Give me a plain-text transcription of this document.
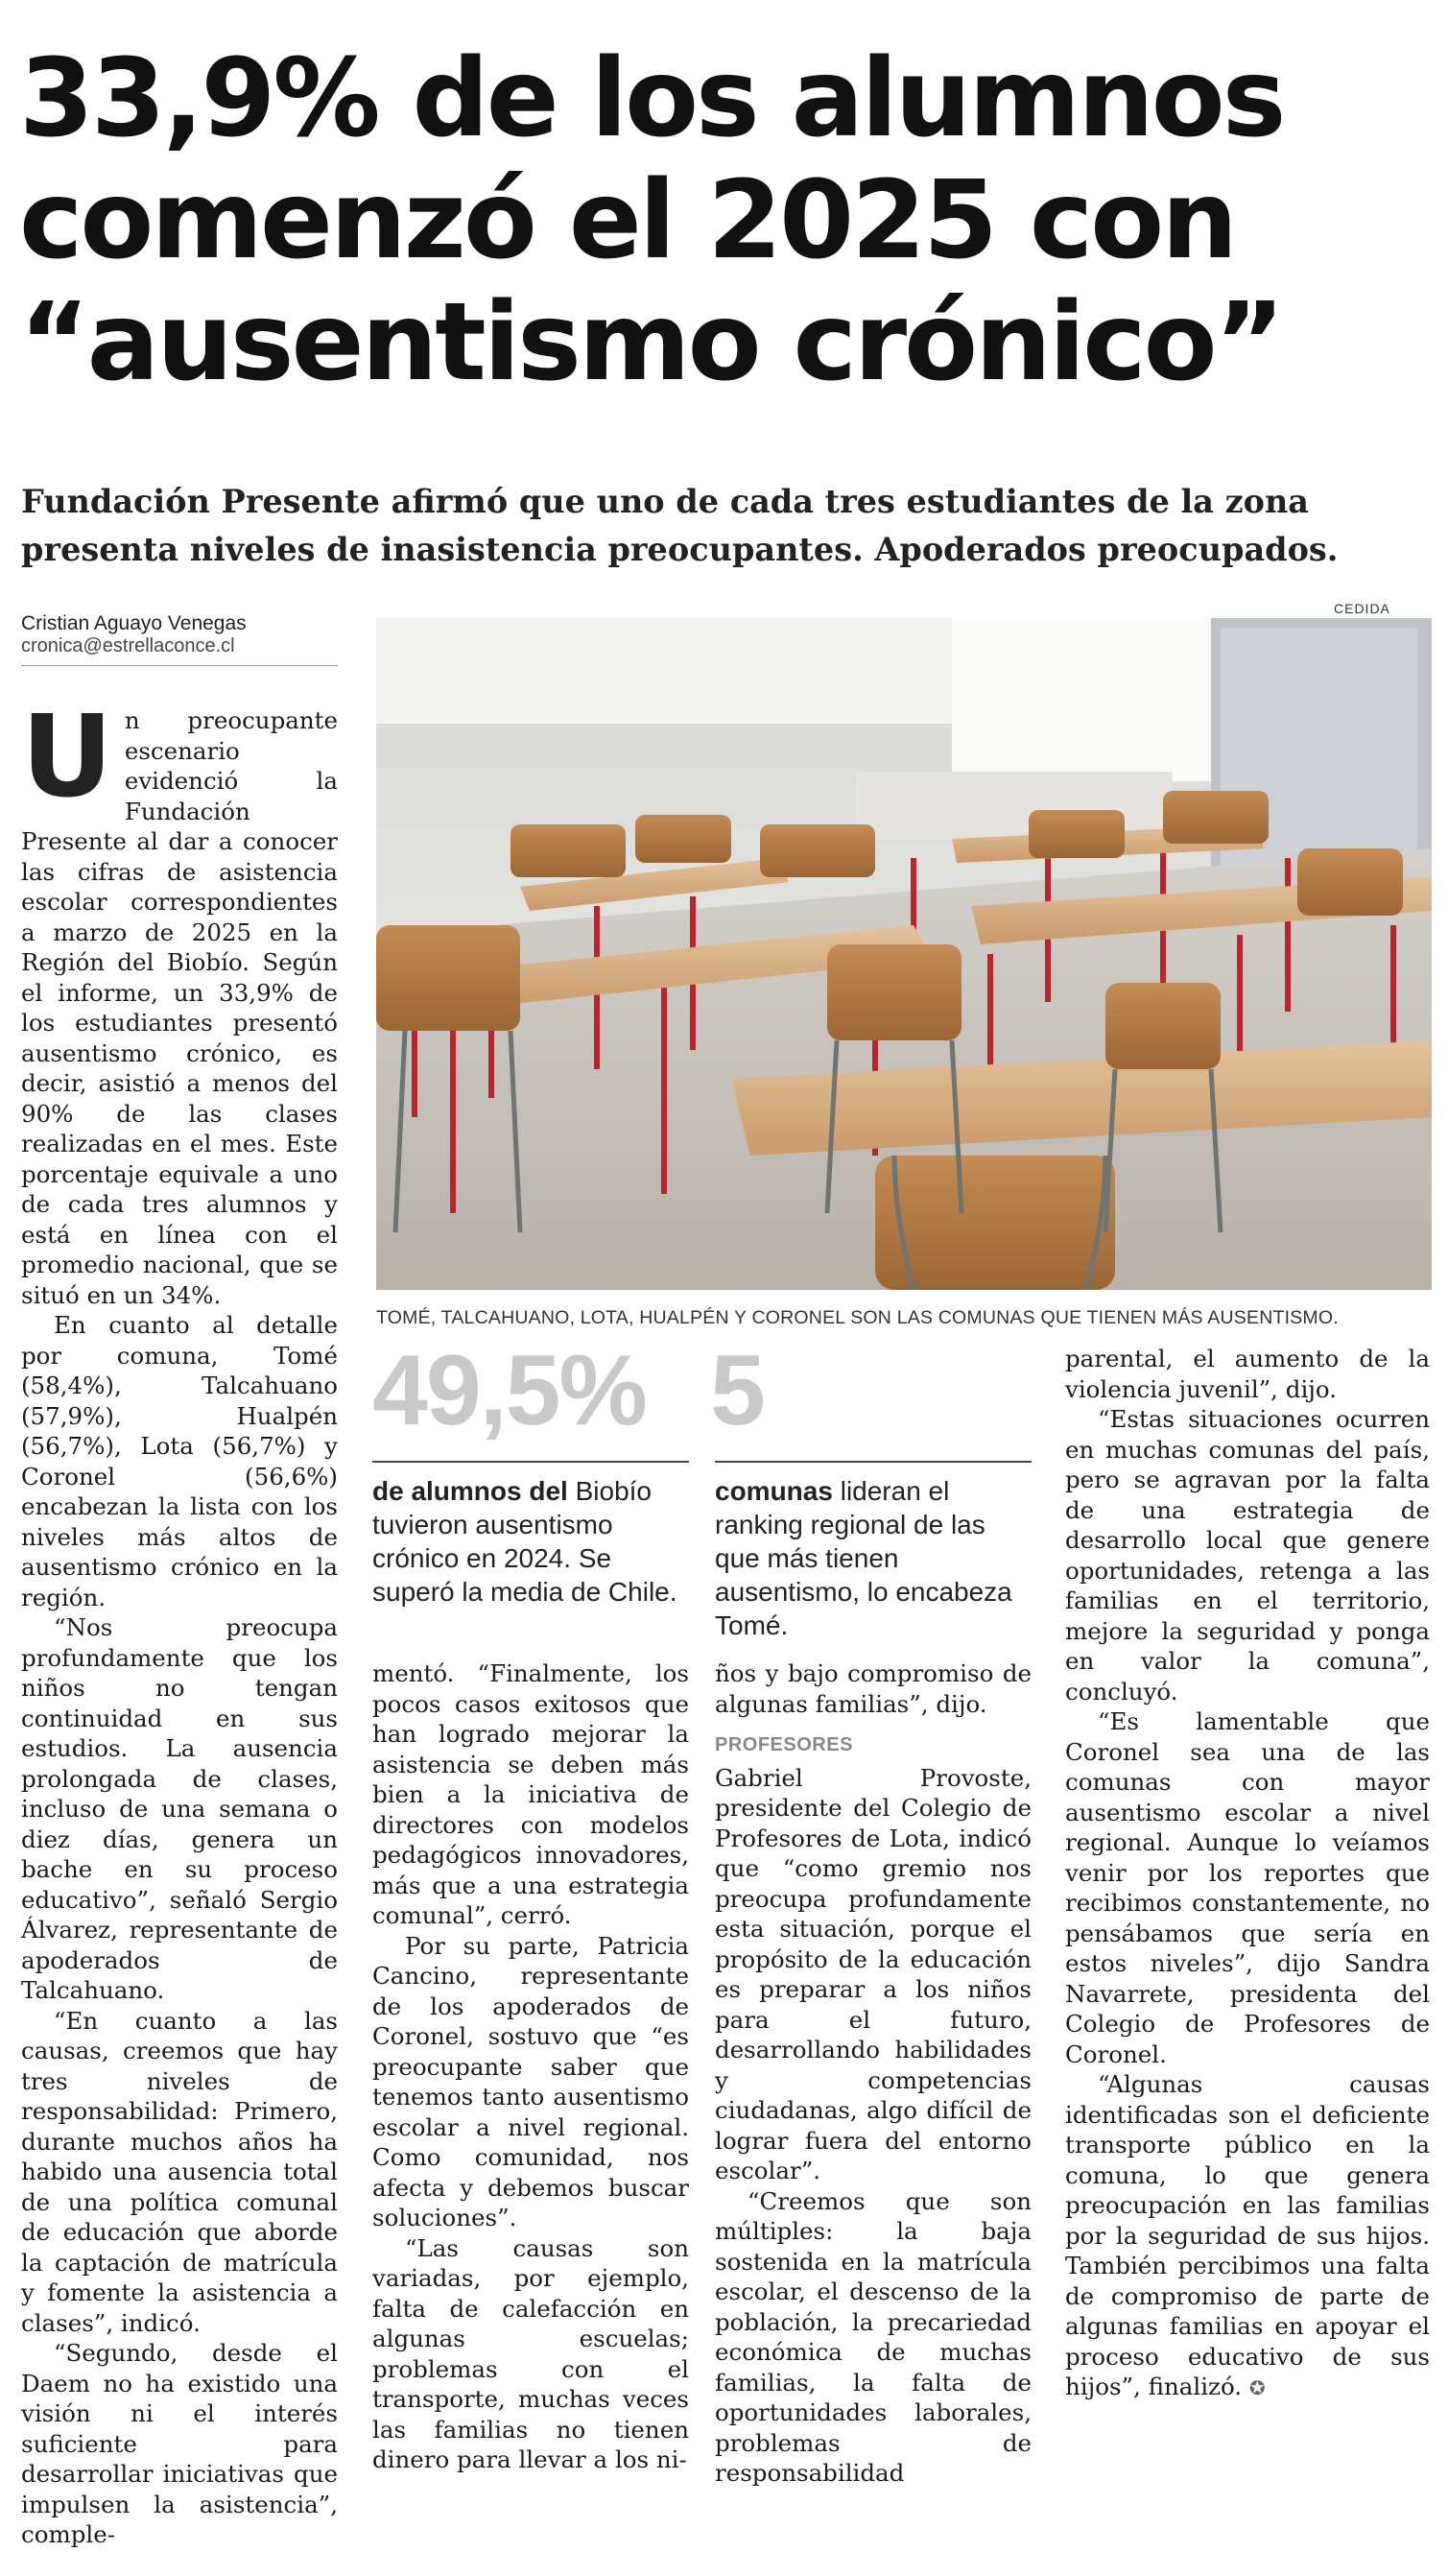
33,9% de los alumnos
comenzó el 2025 con
“ausentismo crónico”
Fundación Presente afirmó que uno de cada tres estudiantes de la zona
presenta niveles de inasistencia preocupantes. Apoderados preocupados.
Cristian Aguayo Venegas
cronica@estrellaconce.cl
CEDIDA
TOMÉ, TALCAHUANO, LOTA, HUALPÉN Y CORONEL SON LAS COMUNAS QUE TIENEN MÁS AUSENTISMO.

Un preocupante escenario evidenció la Fundación Presente al dar a conocer las cifras de asistencia escolar correspondientes a marzo de 2025 en la Región del Biobío. Según el informe, un 33,9% de los estudiantes presentó ausentismo crónico, es decir, asistió a menos del 90% de las clases realizadas en el mes. Este porcentaje equivale a uno de cada tres alumnos y está en línea con el promedio nacional, que se situó en un 34%.

En cuanto al detalle por comuna, Tomé (58,4%), Talcahuano (57,9%), Hualpén (56,7%), Lota (56,7%) y Coronel (56,6%) encabezan la lista con los niveles más altos de ausentismo crónico en la región.

“Nos preocupa profundamente que los niños no tengan continuidad en sus estudios. La ausencia prolongada de clases, incluso de una semana o diez días, genera un bache en su proceso educativo”, señaló Sergio Álvarez, representante de apoderados de Talcahuano.

“En cuanto a las causas, creemos que hay tres niveles de responsabilidad: Primero, durante muchos años ha habido una ausencia total de una política comunal de educación que aborde la captación de matrícula y fomente la asistencia a clases”, indicó.

“Segundo, desde el Daem no ha existido una visión ni el interés suficiente para desarrollar iniciativas que impulsen la asistencia”, comple-

49,5%
de alumnos del Biobío tuvieron ausentismo crónico en 2024. Se superó la media de Chile.
5
comunas lideran el ranking regional de las que más tienen ausentismo, lo encabeza Tomé.

mentó. “Finalmente, los pocos casos exitosos que han logrado mejorar la asistencia se deben más bien a la iniciativa de directores con modelos pedagógicos innovadores, más que a una estrategia comunal”, cerró.

Por su parte, Patricia Cancino, representante de los apoderados de Coronel, sostuvo que “es preocupante saber que tenemos tanto ausentismo escolar a nivel regional. Como comunidad, nos afecta y debemos buscar soluciones”.

“Las causas son variadas, por ejemplo, falta de calefacción en algunas escuelas; problemas con el transporte, muchas veces las familias no tienen dinero para llevar a los ni-

ños y bajo compromiso de algunas familias”, dijo.

PROFESORES

Gabriel Provoste, presidente del Colegio de Profesores de Lota, indicó que “como gremio nos preocupa profundamente esta situación, porque el propósito de la educación es preparar a los niños para el futuro, desarrollando habilidades y competencias ciudadanas, algo difícil de lograr fuera del entorno escolar”.

“Creemos que son múltiples: la baja sostenida en la matrícula escolar, el descenso de la población, la precariedad económica de muchas familias, la falta de oportunidades laborales, problemas de responsabilidad

parental, el aumento de la violencia juvenil”, dijo.

“Estas situaciones ocurren en muchas comunas del país, pero se agravan por la falta de una estrategia de desarrollo local que genere oportunidades, retenga a las familias en el territorio, mejore la seguridad y ponga en valor la comuna”, concluyó.

“Es lamentable que Coronel sea una de las comunas con mayor ausentismo escolar a nivel regional. Aunque lo veíamos venir por los reportes que recibimos constantemente, no pensábamos que sería en estos niveles”, dijo Sandra Navarrete, presidenta del Colegio de Profesores de Coronel.

“Algunas causas identificadas son el deficiente transporte público en la comuna, lo que genera preocupación en las familias por la seguridad de sus hijos. También percibimos una falta de compromiso de parte de algunas familias en apoyar el proceso educativo de sus hijos”, finalizó. ✪
